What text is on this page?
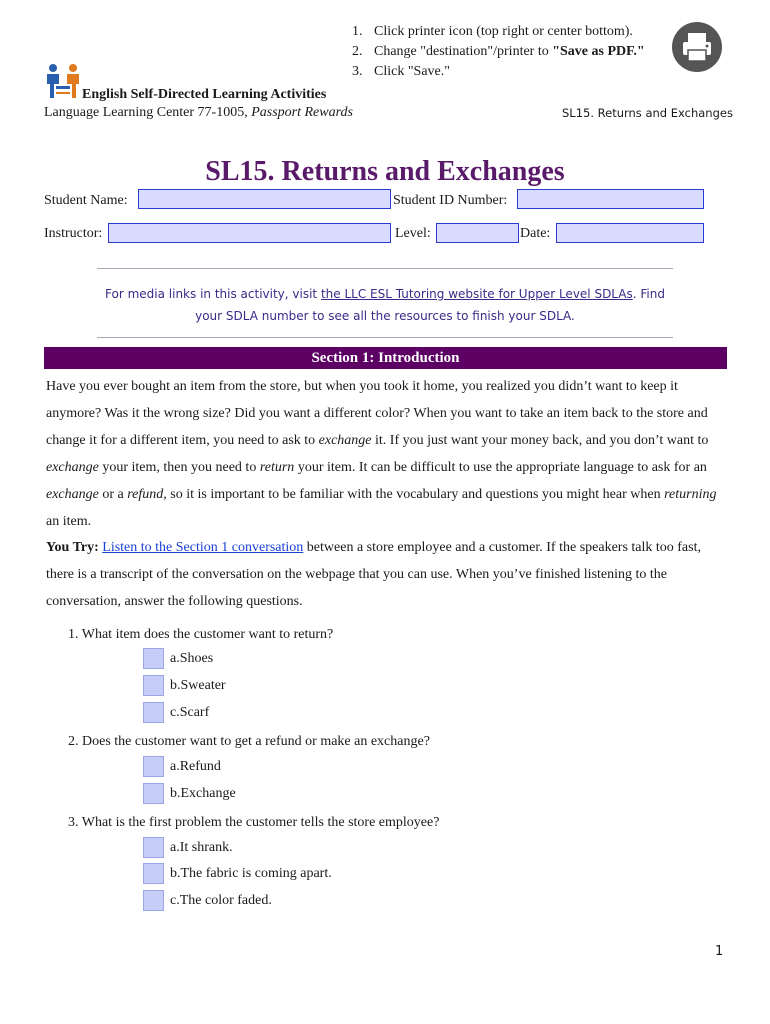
1. Click printer icon (top right or center bottom).
2. Change "destination"/printer to "Save as PDF."
3. Click "Save."
English Self-Directed Learning Activities
Language Learning Center 77-1005, Passport Rewards	SL15. Returns and Exchanges
SL15. Returns and Exchanges
Student Name:	Student ID Number:
Instructor:	Level:	Date:
For media links in this activity, visit the LLC ESL Tutoring website for Upper Level SDLAs. Find your SDLA number to see all the resources to finish your SDLA.
Section 1: Introduction
Have you ever bought an item from the store, but when you took it home, you realized you didn’t want to keep it anymore? Was it the wrong size? Did you want a different color? When you want to take an item back to the store and change it for a different item, you need to ask to exchange it. If you just want your money back, and you don’t want to exchange your item, then you need to return your item. It can be difficult to use the appropriate language to ask for an exchange or a refund, so it is important to be familiar with the vocabulary and questions you might hear when returning an item.
You Try: Listen to the Section 1 conversation between a store employee and a customer. If the speakers talk too fast, there is a transcript of the conversation on the webpage that you can use. When you’ve finished listening to the conversation, answer the following questions.
1. What item does the customer want to return?
a.Shoes
b.Sweater
c.Scarf
2. Does the customer want to get a refund or make an exchange?
a.Refund
b.Exchange
3. What is the first problem the customer tells the store employee?
a.It shrank.
b.The fabric is coming apart.
c.The color faded.
1
